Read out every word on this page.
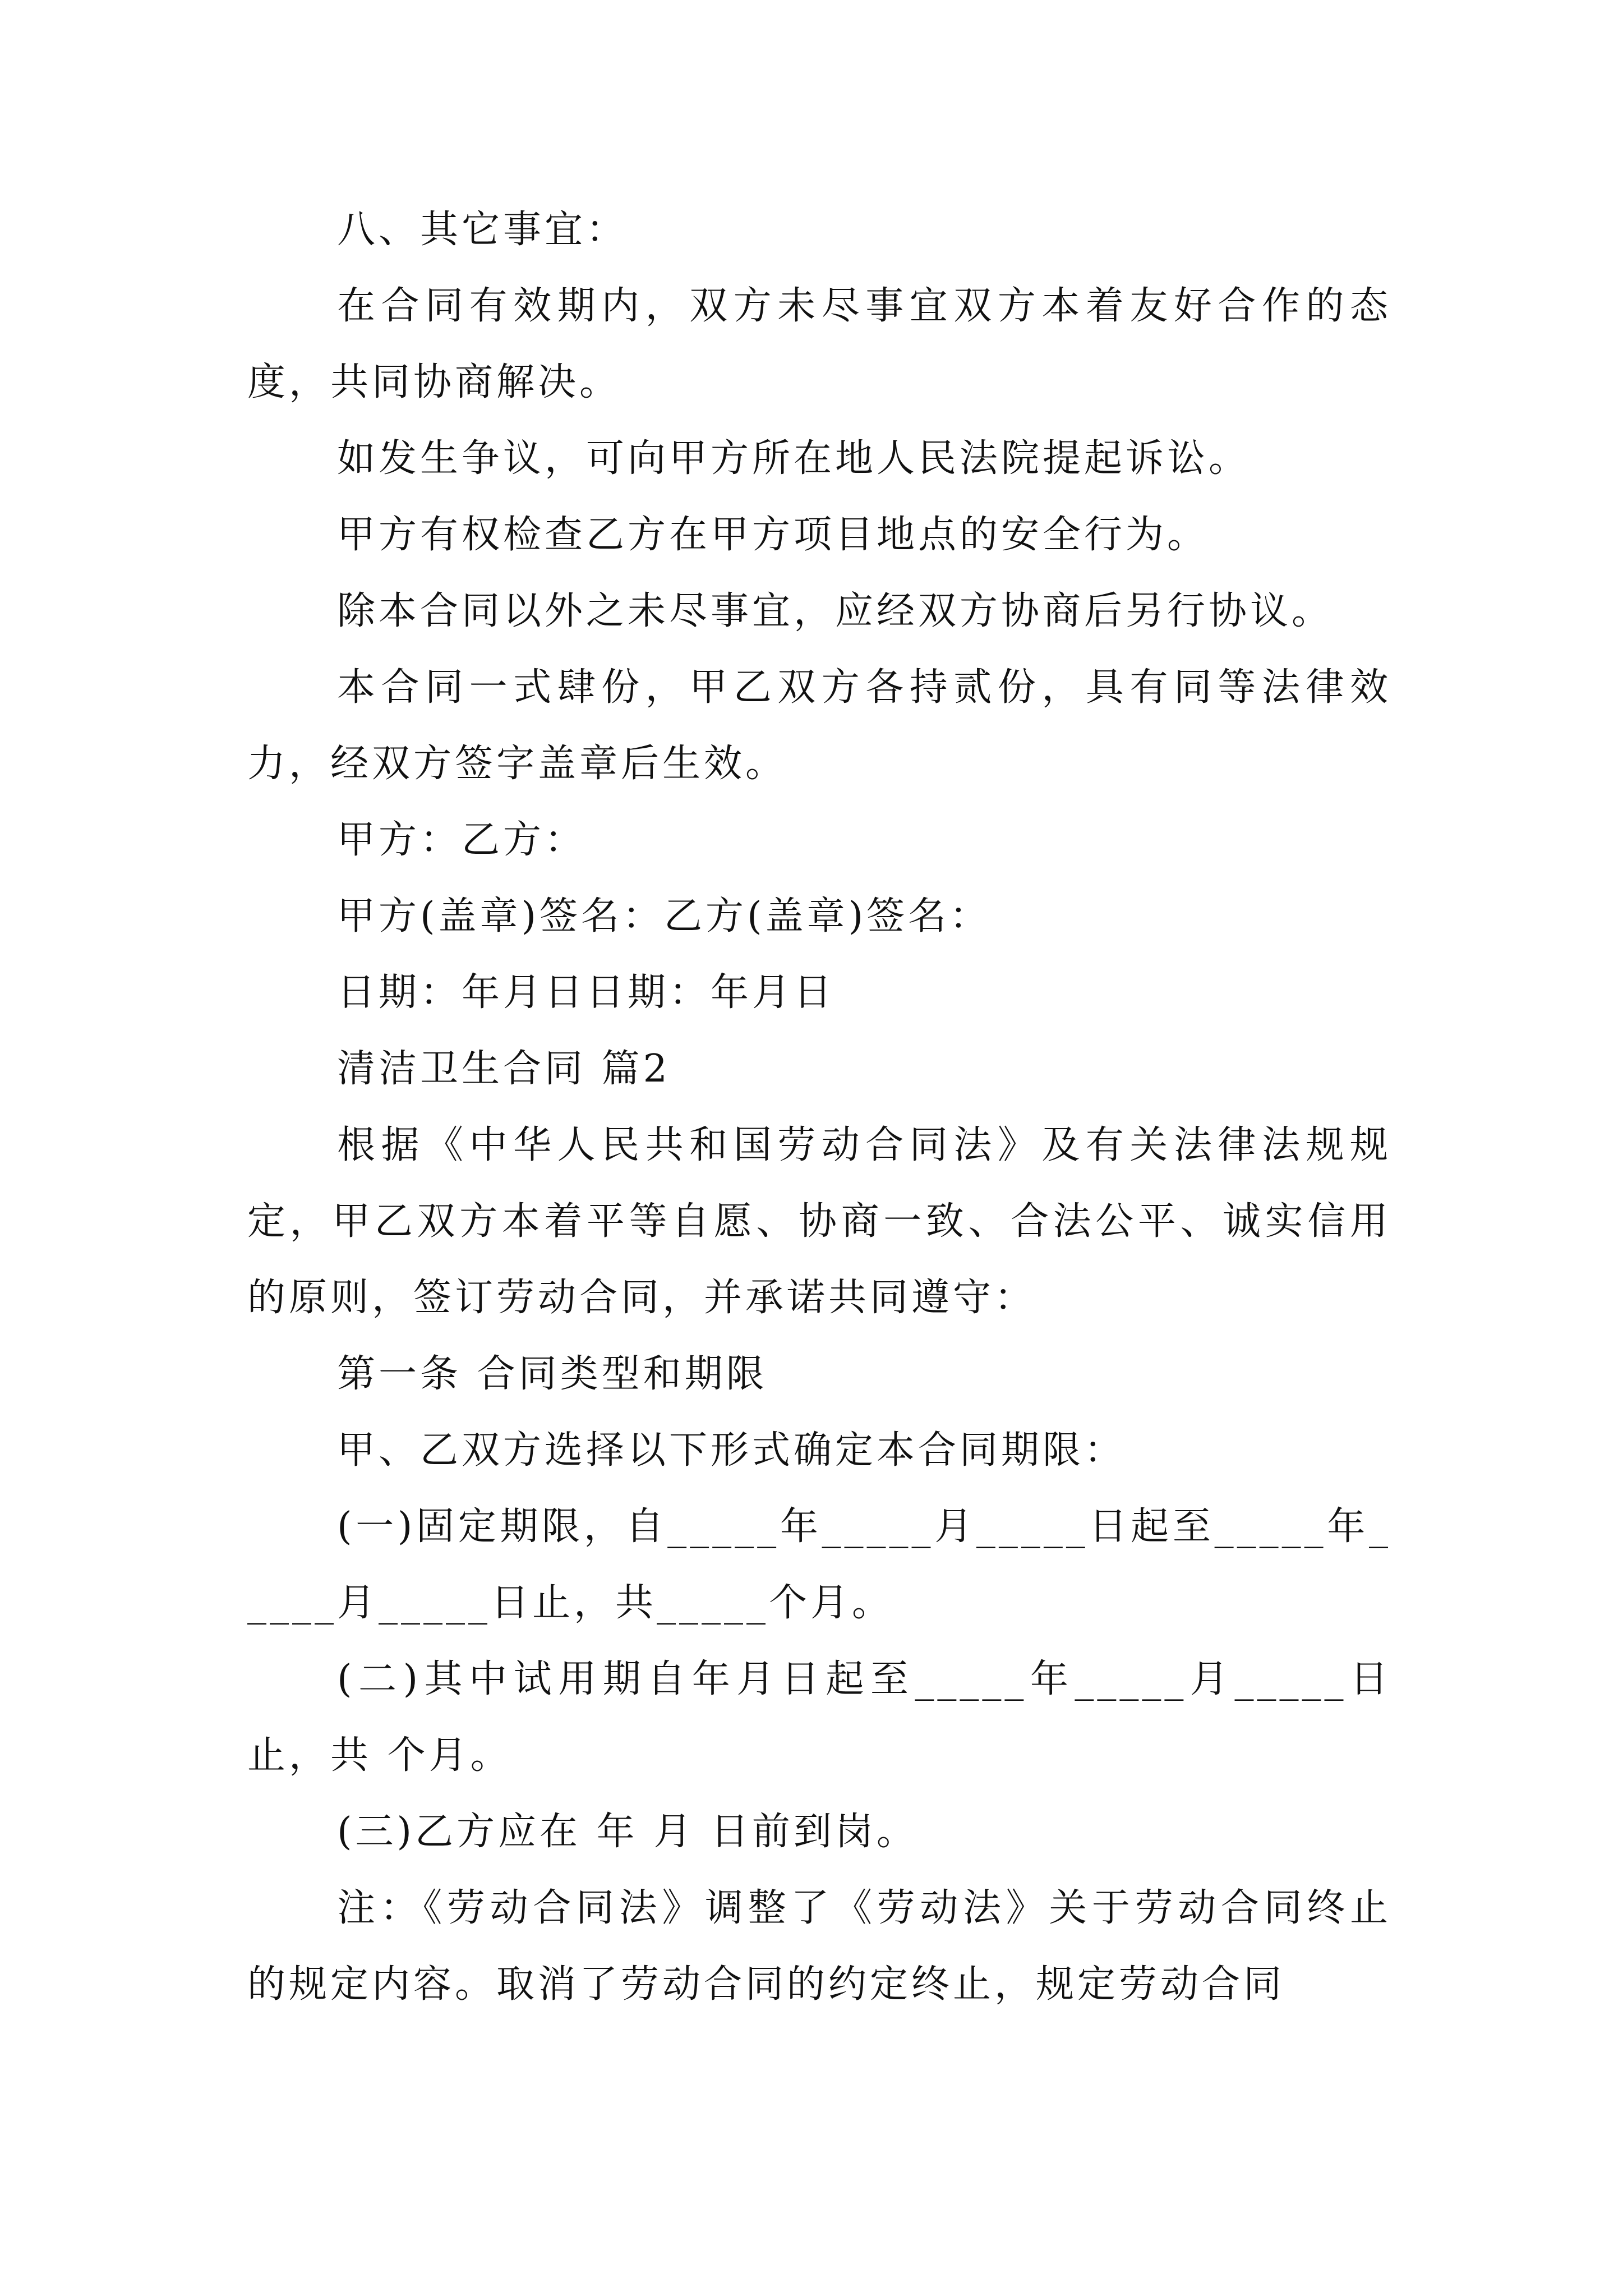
八、其它事宜：

在合同有效期内，双方未尽事宜双方本着友好合作的态度，共同协商解决。

如发生争议，可向甲方所在地人民法院提起诉讼。

甲方有权检查乙方在甲方项目地点的安全行为。

除本合同以外之未尽事宜，应经双方协商后另行协议。

本合同一式肆份，甲乙双方各持贰份，具有同等法律效力，经双方签字盖章后生效。

甲方：乙方：

甲方(盖章)签名：乙方(盖章)签名：

日期：年月日日期：年月日

清洁卫生合同 篇2

根据《中华人民共和国劳动合同法》及有关法律法规规定，甲乙双方本着平等自愿、协商一致、合法公平、诚实信用的原则，签订劳动合同，并承诺共同遵守：

第一条 合同类型和期限

甲、乙双方选择以下形式确定本合同期限：

(一)固定期限，自_____年_____月_____日起至_____年_____月_____日止，共_____个月。

(二)其中试用期自年月日起至_____年_____月_____日止，共 个月。

(三)乙方应在 年 月 日前到岗。

注：《劳动合同法》调整了《劳动法》关于劳动合同终止的规定内容。取消了劳动合同的约定终止，规定劳动合同
